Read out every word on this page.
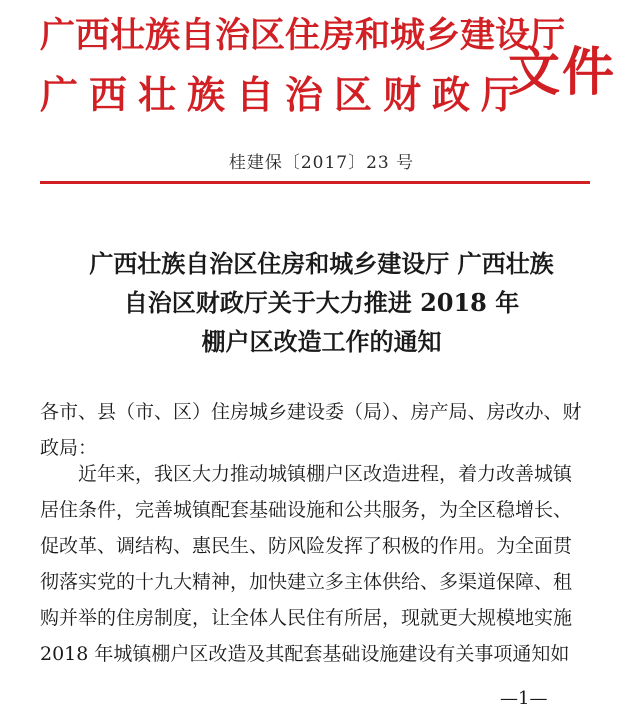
广西壮族自治区住房和城乡建设厅
广西壮族自治区财政厅
文件
桂建保〔2017〕23 号
广西壮族自治区住房和城乡建设厅 广西壮族
自治区财政厅关于大力推进 2018 年
棚户区改造工作的通知
各市、县（市、区）住房城乡建设委（局）、房产局、房改办、财
政局：
近年来，我区大力推动城镇棚户区改造进程，着力改善城镇
居住条件，完善城镇配套基础设施和公共服务，为全区稳增长、
促改革、调结构、惠民生、防风险发挥了积极的作用。为全面贯
彻落实党的十九大精神，加快建立多主体供给、多渠道保障、租
购并举的住房制度，让全体人民住有所居，现就更大规模地实施
2018 年城镇棚户区改造及其配套基础设施建设有关事项通知如
—1—
